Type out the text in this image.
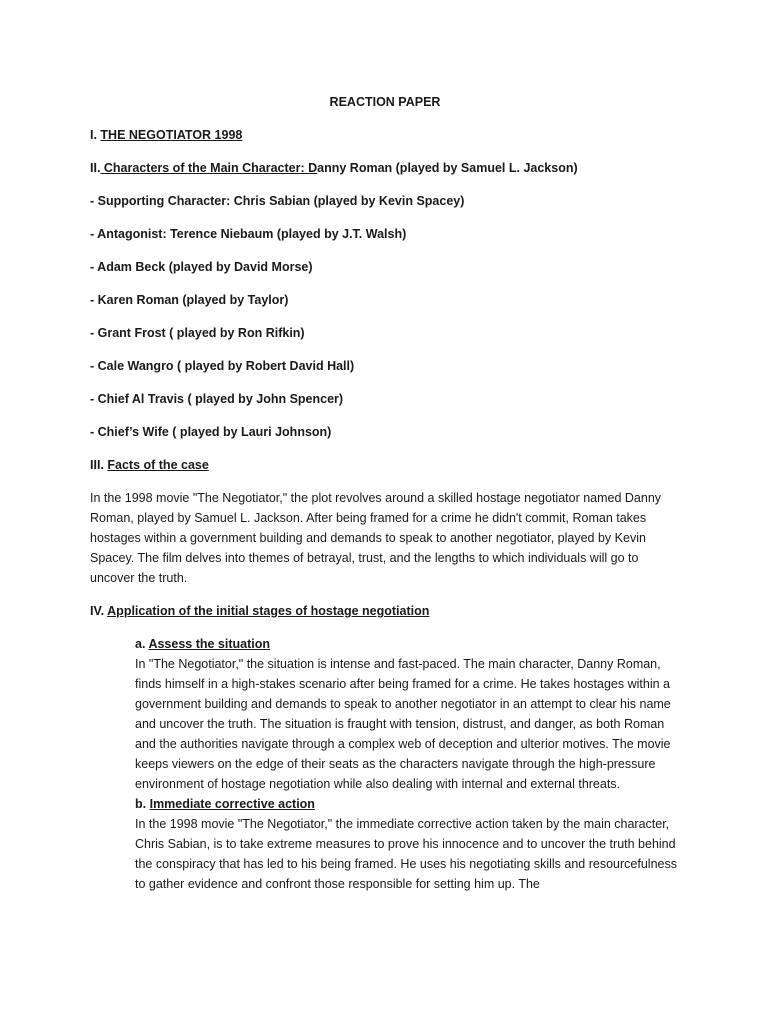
REACTION PAPER

I. THE NEGOTIATOR 1998

II. Characters of the Main Character: Danny Roman (played by Samuel L. Jackson)

- Supporting Character: Chris Sabian (played by Kevin Spacey)

- Antagonist: Terence Niebaum (played by J.T. Walsh)

- Adam Beck (played by David Morse)

- Karen Roman (played by Taylor)

- Grant Frost ( played by Ron Rifkin)

- Cale Wangro ( played by Robert David Hall)

- Chief Al Travis ( played by John Spencer)

- Chief’s Wife ( played by Lauri Johnson)

III. Facts of the case

In the 1998 movie "The Negotiator," the plot revolves around a skilled hostage negotiator named Danny Roman, played by Samuel L. Jackson. After being framed for a crime he didn't commit, Roman takes hostages within a government building and demands to speak to another negotiator, played by Kevin Spacey. The film delves into themes of betrayal, trust, and the lengths to which individuals will go to uncover the truth.

IV. Application of the initial stages of hostage negotiation

a. Assess the situation

In "The Negotiator," the situation is intense and fast-paced. The main character, Danny Roman, finds himself in a high-stakes scenario after being framed for a crime. He takes hostages within a government building and demands to speak to another negotiator in an attempt to clear his name and uncover the truth. The situation is fraught with tension, distrust, and danger, as both Roman and the authorities navigate through a complex web of deception and ulterior motives. The movie keeps viewers on the edge of their seats as the characters navigate through the high-pressure environment of hostage negotiation while also dealing with internal and external threats.

b. Immediate corrective action

In the 1998 movie "The Negotiator," the immediate corrective action taken by the main character, Chris Sabian, is to take extreme measures to prove his innocence and to uncover the truth behind the conspiracy that has led to his being framed. He uses his negotiating skills and resourcefulness to gather evidence and confront those responsible for setting him up. The
